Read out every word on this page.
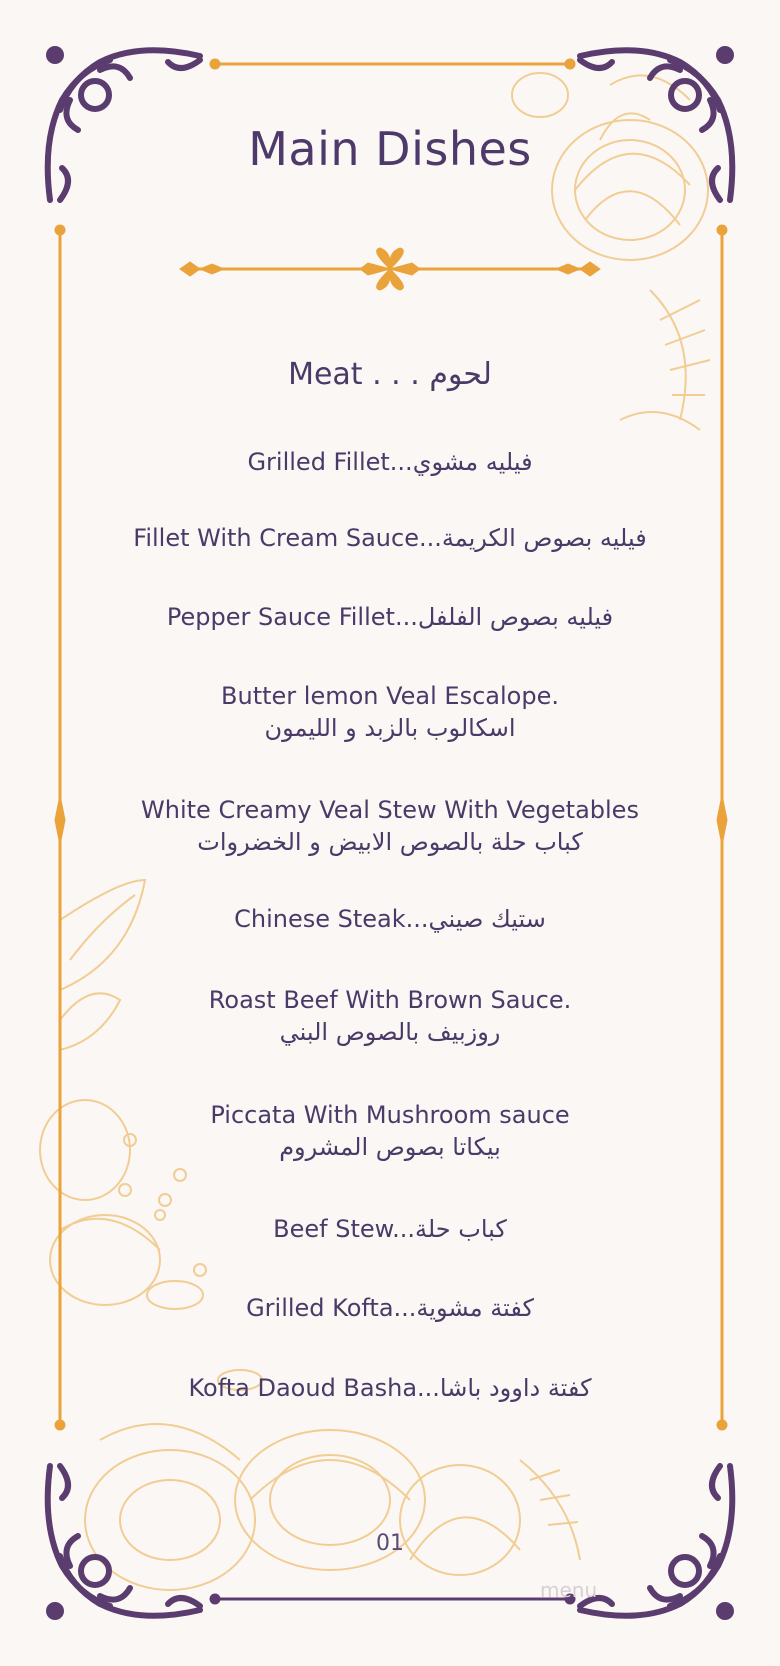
Main Dishes
Meat . . . لحوم
Grilled Fillet...فيليه مشوي
Fillet With Cream Sauce...فيليه بصوص الكريمة
Pepper Sauce Fillet...فيليه بصوص الفلفل
Butter lemon Veal Escalope.
اسكالوب بالزبد و الليمون
White Creamy Veal Stew With Vegetables
كباب حلة بالصوص الابيض و الخضروات
Chinese Steak...ستيك صيني
Roast Beef With Brown Sauce.
روزبيف بالصوص البني
Piccata With Mushroom sauce
بيكاتا بصوص المشروم
Beef Stew...كباب حلة
Grilled Kofta...كفتة مشوية
Kofta Daoud Basha...كفتة داوود باشا
01
menu
